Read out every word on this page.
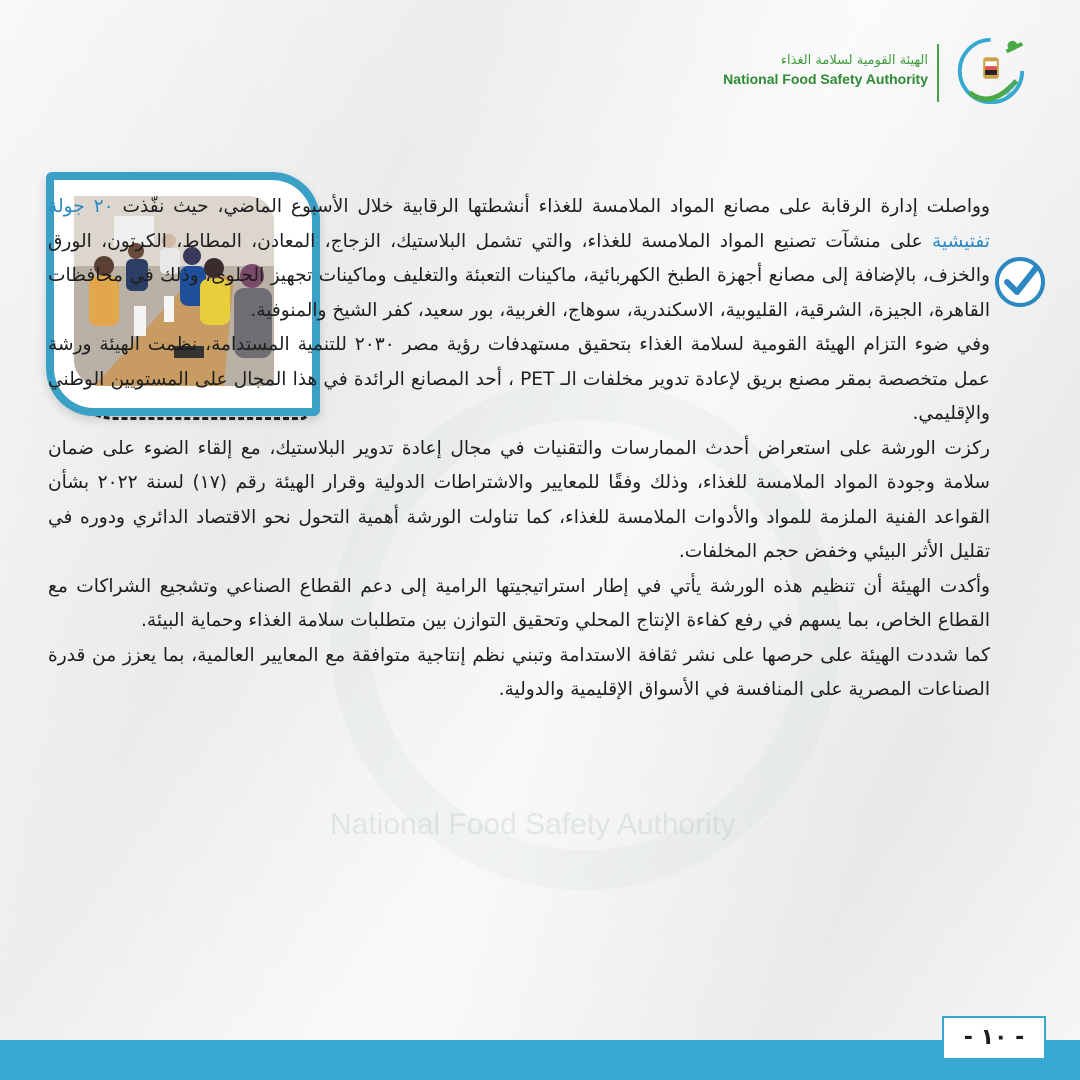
National Food Safety Authority
الهيئة القومية لسلامة الغذاء
National Food Safety Authority
NFSA

وواصلت إدارة الرقابة على مصانع المواد الملامسة للغذاء أنشطتها الرقابية خلال الأسبوع الماضي، حيث نفّذت ٢٠ جولة تفتيشية على منشآت تصنيع المواد الملامسة للغذاء، والتي تشمل البلاستيك، الزجاج، المعادن، المطاط، الكرتون، الورق والخزف، بالإضافة إلى مصانع أجهزة الطبخ الكهربائية، ماكينات التعبئة والتغليف وماكينات تجهيز الحلوى، وذلك في محافظات القاهرة، الجيزة، الشرقية، القليوبية، الاسكندرية، سوهاج، الغربية، بور سعيد، كفر الشيخ والمنوفية.

وفي ضوء التزام الهيئة القومية لسلامة الغذاء بتحقيق مستهدفات رؤية مصر ٢٠٣٠ للتنمية المستدامة، نظمت الهيئة ورشة عمل متخصصة بمقر مصنع بريق لإعادة تدوير مخلفات الـ PET ، أحد المصانع الرائدة في هذا المجال على المستويين الوطني والإقليمي.

ركزت الورشة على استعراض أحدث الممارسات والتقنيات في مجال إعادة تدوير البلاستيك، مع إلقاء الضوء على ضمان سلامة وجودة المواد الملامسة للغذاء، وذلك وفقًا للمعايير والاشتراطات الدولية وقرار الهيئة رقم (١٧) لسنة ٢٠٢٢ بشأن القواعد الفنية الملزمة للمواد والأدوات الملامسة للغذاء، كما تناولت الورشة أهمية التحول نحو الاقتصاد الدائري ودوره في تقليل الأثر البيئي وخفض حجم المخلفات.

وأكدت الهيئة أن تنظيم هذه الورشة يأتي في إطار استراتيجيتها الرامية إلى دعم القطاع الصناعي وتشجيع الشراكات مع القطاع الخاص، بما يسهم في رفع كفاءة الإنتاج المحلي وتحقيق التوازن بين متطلبات سلامة الغذاء وحماية البيئة.

كما شددت الهيئة على حرصها على نشر ثقافة الاستدامة وتبني نظم إنتاجية متوافقة مع المعايير العالمية، بما يعزز من قدرة الصناعات المصرية على المنافسة في الأسواق الإقليمية والدولية.

- ١٠ -
